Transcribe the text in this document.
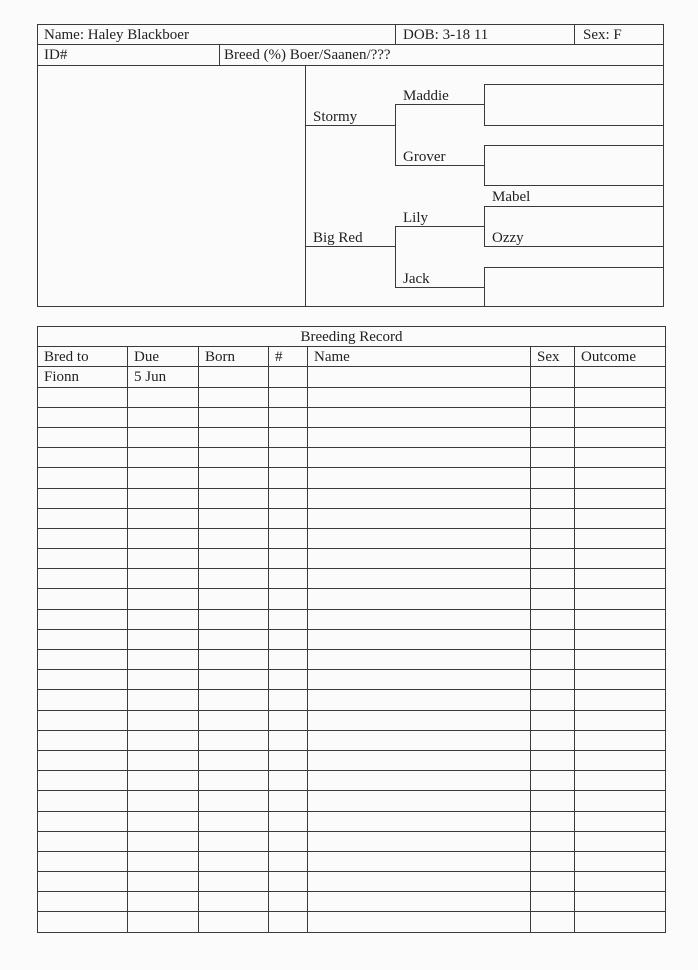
Name: Haley Blackboer	DOB: 3-18 11	Sex: F
ID#	Breed (%) Boer/Saanen/???
Stormy
Big Red
Maddie
Grover
Lily
Jack
Mabel
Ozzy
Breeding Record						
Bred to	Due	Born	#	Name	Sex	Outcome
Fionn	5 Jun					
